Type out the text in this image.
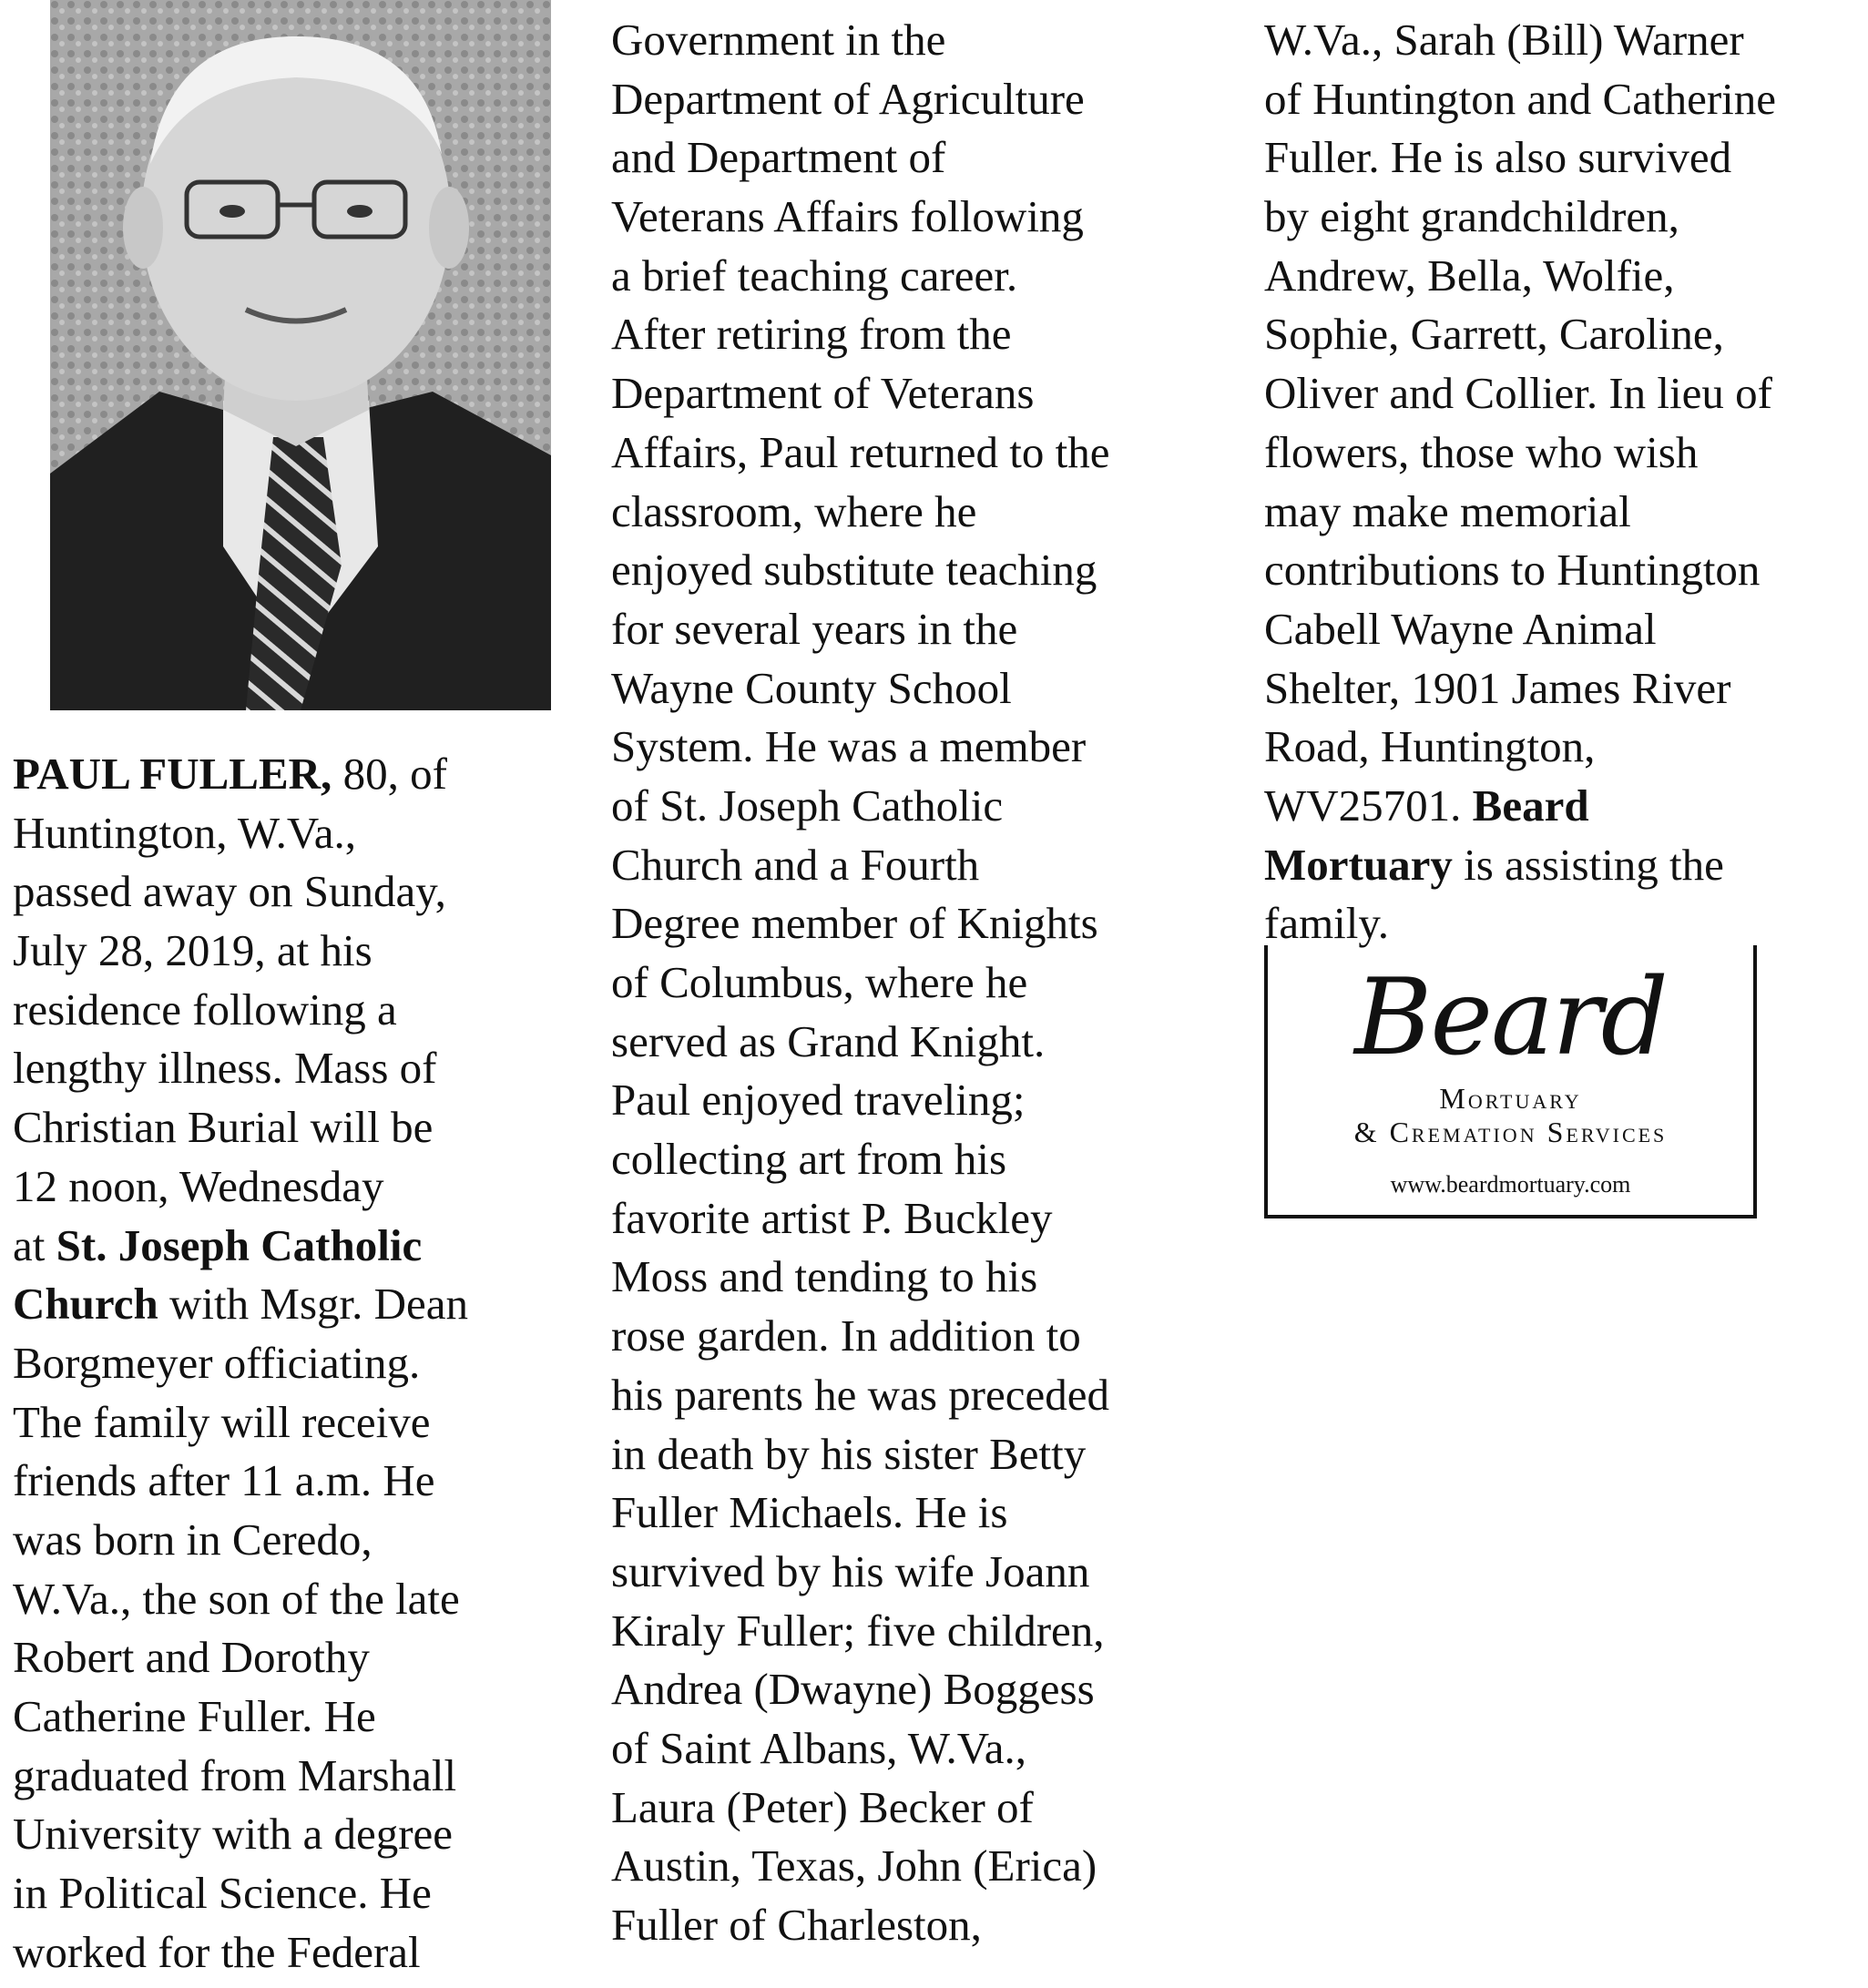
PAUL FULLER, 80, of
Huntington, W.Va.,
passed away on Sunday,
July 28, 2019, at his
residence following a
lengthy illness. Mass of
Christian Burial will be
12 noon, Wednesday
at St. Joseph Catholic
Church with Msgr. Dean
Borgmeyer officiating.
The family will receive
friends after 11 a.m. He
was born in Ceredo,
W.Va., the son of the late
Robert and Dorothy
Catherine Fuller. He
graduated from Marshall
University with a degree
in Political Science. He
worked for the Federal
Government in the
Department of Agriculture
and Department of
Veterans Affairs following
a brief teaching career.
After retiring from the
Department of Veterans
Affairs, Paul returned to the
classroom, where he
enjoyed substitute teaching
for several years in the
Wayne County School
System. He was a member
of St. Joseph Catholic
Church and a Fourth
Degree member of Knights
of Columbus, where he
served as Grand Knight.
Paul enjoyed traveling;
collecting art from his
favorite artist P. Buckley
Moss and tending to his
rose garden. In addition to
his parents he was preceded
in death by his sister Betty
Fuller Michaels. He is
survived by his wife Joann
Kiraly Fuller; five children,
Andrea (Dwayne) Boggess
of Saint Albans, W.Va.,
Laura (Peter) Becker of
Austin, Texas, John (Erica)
Fuller of Charleston,
W.Va., Sarah (Bill) Warner
of Huntington and Catherine
Fuller. He is also survived
by eight grandchildren,
Andrew, Bella, Wolfie,
Sophie, Garrett, Caroline,
Oliver and Collier. In lieu of
flowers, those who wish
may make memorial
contributions to Huntington
Cabell Wayne Animal
Shelter, 1901 James River
Road, Huntington,
WV25701. Beard
Mortuary is assisting the
family.
Beard
Mortuary
& Cremation Services
www.beardmortuary.com
